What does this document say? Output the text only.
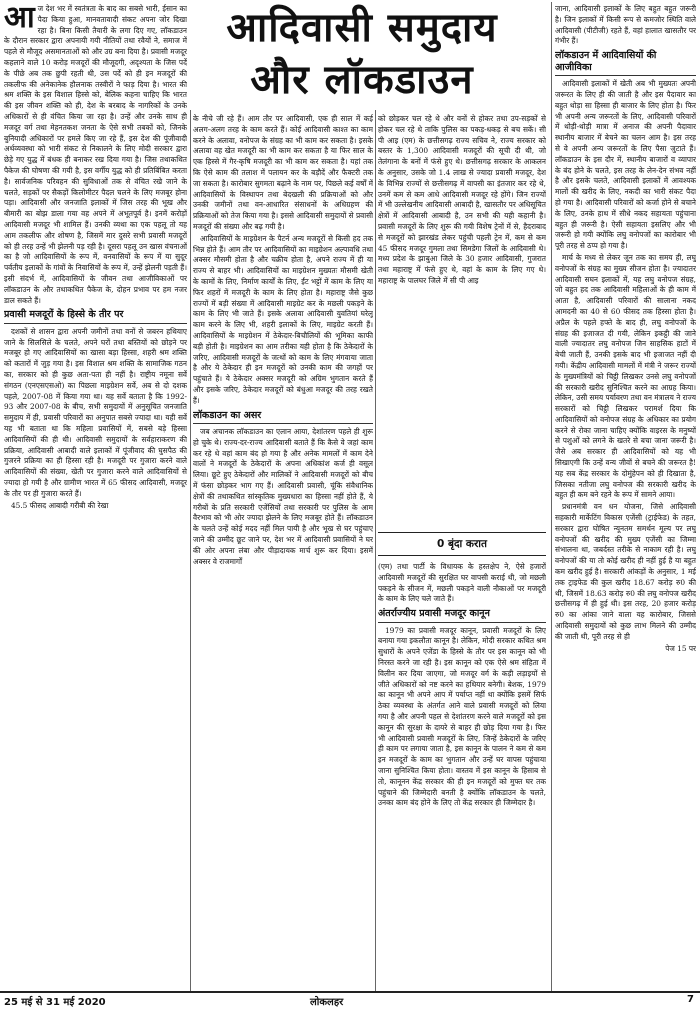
आदिवासी समुदाय
और लॉकडाउन

आज देश भर में स्वतंत्रता के बाद का सबसे भारी, ईसान का पैदा किया हुआ, मानवतावादी संकट अपना जोर दिखा रहा है। बिना किसी तैयारी के लगा दिए गए, लॉकडाउन के दौरान सरकार द्वारा अपनायी गयी नीतियों तथा रवैयों ने, समाज में पहले से मौजूद असमानताओं को और उग्र बना दिया है। प्रवासी मजदूर कहलाने वाले 10 करोड़ मजदूरों की मौजूदगी, अदृश्यता के जिस पर्दे के पीछे अब तक छुपी रहती थी, उस पर्दे को ही इन मजदूरों की तकलीफ की अनेकानेक हौलनाक तस्वीरों ने फाड़ दिया है। भारत की श्रम शक्ति के इस विशाल हिस्से को, बेलिक कहना चाहिए कि भारत की इस जीवन शक्ति को ही, देश के बरबाद के नागरिकों के उनके अधिकारों से ही वंचित किया जा रहा है। उन्हें और उनके साथ ही मजदूर वर्ग तथा मेहनतकश जनता के ऐसे सभी तबकों को, जिनके बुनियादी अधिकारों पर हमले किए जा रहे हैं, इस देश की पूंजीवादी अर्थव्यवस्था को भारी संकट से निकालने के लिए मोदी सरकार द्वारा छेड़े गए युद्ध में बंधक ही बनाकर रख दिया गया है। जिस तथाकथित पैकेज की घोषणा की गयी है, इस वर्गीय युद्ध को ही प्रतिबिंबित करता है। सार्वजनिक परिवहन की सुविधाओं तक से वंचित रखे जाने के चलते, सड़कों पर सैकड़ों किलोमीटर पैदल चलने के लिए मजबूर होना पड़ा। आदिवासी और जनजाति इलाकों में जिस तरह की भूख और बीमारी का बोझ डाला गया वह अपने में अभूतपूर्व है। इनमें करोड़ों आदिवासी मजदूर भी शामिल हैं। उनकी व्यथा का एक पहलू तो यह आम तकलीफ और शोषण है, जिसमें मार दुसरे सभी प्रवासी मजदूरों को ही तरह उन्हें भी झेलनी पड़ रही है। दूसरा पहलू उन खास वंचनाओं का है जो आदिवासियों के रूप में, वनवासियों के रूप में या सुदूर पर्वतीय इलाकों के गांवों के निवासियों के रूप में, उन्हें झेलनी पड़ती हैं। इसी संदर्भ में, आदिवासियों के जीवन तथा आजीविकाओं पर लॉकडाउन के और तथाकथित पैकेज के, दोहन प्रभाव पर हम नजर डाल सकते हैं।

प्रवासी मजदूरों के हिस्से के तीर पर

दशकों से शासन द्वारा अपनी जमीनों तथा वनों से जबरन हथियाए जाने के सिलसिले के चलते, अपने घरों तथा बस्तियों को छोड़ने पर मजबूर हो गए आदिवासियों का खासा बड़ा हिस्सा, शहरी श्रम शक्ति को कतारों में जुड़ गया है। इस विशाल श्रम शक्ति के सामाजिक गठन का, सरकार को ही कुछ अता-पता ही नहीं है। राष्ट्रीय नमूना सर्वे संगठन (एनएसएसओ) का पिछला माइग्रेशन सर्वे, अब से दो दशक पहले, 2007-08 में किया गया था। यह सर्वे बताता है कि 1992-93 और 2007-08 के बीच, सभी समुदायों में अनुसूचित जनजाति समुदाय में ही, प्रवासी परिवारों का अनुपात सबसे ज्यादा था। यही सर्वे यह भी बताता था कि महिला प्रवासियों में, सबसे बड़े हिस्सा आदिवासियों की ही थी। आदिवासी समुदायों के सर्वहाराकरण की प्रक्रिया, आदिवासी आबादी वाले इलाकों में पूंजीवाद की घुसपैठ की गुजरने प्रक्रिया का ही हिस्सा रही है। मजदूरी पर गुजारा करने वाले आदिवासियों की संख्या, खेती पर गुजारा करने वाले आदिवासियों से ज्यादा हो गयी है और ग्रामीण भारत में 65 फीसद आदिवासी, मजदूर के तौर पर ही गुजारा करते हैं।

45.5 फीसद आबादी गरीबी की रेखा

के नीचे जी रहे हैं। आम तौर पर आदिवासी, एक ही साल में कई अलग-अलग तरह के काम करते हैं। कोई आदिवासी काश्त का काम करने के अलावा, वनोपज के संग्रह का भी काम कर सकता है। इसके अलावा वह खेत मजदूरी का भी काम कर सकता है या फिर साल के एक हिस्से में गैर-कृषि मजदूरी का भी काम कर सकता है। यहां तक कि ऐसे काम की तलाश में पलायन कर के बड़ौदें और फैक्टरी तक जा सकता है। कारोबार सुगमता बढ़ाने के नाम पर, पिछले कई वर्षों में आदिवासियों के विस्थापन तथा बेदखली की प्रक्रियाओं को और उनकी जमीनों तथा वन-आधारित संसाधनों के अधिग्रहण की प्रक्रियाओं को तेज किया गया है। इससे आदिवासी समुदायों से प्रवासी मजदूरों की संख्या और बढ़ गयी है।

आदिवासियों के माइग्रेशन के पैटर्न अन्य मजदूरों से किसी हद तक भिन्न होते हैं। आम तौर पर आदिवासियों का माइग्रेशन अल्पावधि तथा अक्सर मौसमी होता है और चक्रीय होता है, अपने राज्य में ही या राज्य से बाहर भी। आदिवासियों का माइग्रेशन मुख्यतः मौसमी खेती के कामों के लिए, निर्माण कार्यों के लिए, ईंट भट्टों में काम के लिए या फिर शहरों में मजदूरी के काम के लिए होता है। महाराष्ट्र जैसे कुछ राज्यों में बड़ी संख्या में आदिवासी माइग्रेट कर के मछली पकड़ने के काम के लिए भी जाते हैं। इसके अलावा आदिवासी युवतियां घरेलू काम करने के लिए भी, शहरी इलाकों के लिए, माइग्रेट करती हैं। आदिवासियों के माइग्रेशन में ठेकेदार-बिचौलियों की भूमिका काफी बड़ी होती है। माइग्रेशन का आम तरीका यही होता है कि ठेकेदारों के जरिए, आदिवासी मजदूरों के जत्थों को काम के लिए मंगवाया जाता है और ये ठेकेदार ही इन मजदूरों को उनकी काम की जगहों पर पहुंचाते हैं। ये ठेकेदार अक्सर मजदूरी को अग्रिम भुगतान करते हैं और इसके जरिए, ठेकेदार मजदूरों को बंधुआ मजदूर की तरह रखते हैं।

लॉकडाउन का असर

जब अचानक लॉकडाउन का एलान आया, देशांतरण पहले ही शुरू हो चुके थे। राज्य-दर-राज्य आदिवासी बताते हैं कि कैसे वे जहां काम कर रहे थे वहां काम बंद हो गया है और अनेक मामलों में काम देने वालों ने मजदूरों के ठेकेदारों के अपना अधिकांश कर्ज ही वसूल लिया। छूटे हुए ठेकेदारों और मालिकों ने आदिवासी मजदूरों को बीच में फंसा छोड़कर भाग गए हैं। आदिवासी प्रवासी, चूंकि संवैधानिक क्षेत्रों की तथाकथित सांस्कृतिक मुख्यधारा का हिस्सा नहीं होते हैं, ये गरीबों के प्रति सरकारी एजेंसियों तथा सरकारी पर पुलिस के आम वैरभाव को भी ओर ज्यादा झेलने के लिए मजबूर होते हैं। लॉकडाउन के चलते उन्हें कोई मदद नहीं मिल पायी है और भूख से घर पहुंचाए जाने की उम्मीद छूट जाने पर, देश भर में आदिवासी प्रवासियों ने घर की ओर अपना लंबा और पीड़ादायक मार्च शुरू कर दिया। इसमें अक्सर वे राजमार्गों

को छोड़कर चल रहे थे और वनों से होकर तथा उप-सड़कों से होकर चल रहे थे ताकि पुलिस का पकड़-धकड़ से बच सकें। सी पी आइ (एम) के छत्तीसगढ़ राज्य सचिव ने, राज्य सरकार को बस्तर के 1,300 आदिवासी मजदूरों की सूची दी थी, जो तेलंगाना के बनों में फंसे हुए थे। छत्तीसगढ़ सरकार के आकलन के अनुसार, उसके जो 1.4 लाख से ज्यादा प्रवासी मजदूर, देश के विभिन्न राज्यों से छत्तीसगढ़ में वापसी का इंतजार कर रहे थे, उनमें कम से कम आधे आदिवासी मजदूर रहे होंगे। जिन राज्यों में भी उल्लेखनीय आदिवासी आबादी है, खासतौर पर अधिसूचित क्षेत्रों में आदिवासी आबादी है, उन सभी की यही कहानी है। प्रवासी मजदूरों के लिए शुरू की गयी विशेष ट्रेनों में से, हैदराबाद से मजदूरों को झारखंड लेकर पहुंची पहली ट्रेन में, कम से कम 45 फीसद मजदूर गुमला तथा सिमडेगा जिलों के आदिवासी थे। मध्य प्रदेश के झाबुआ जिले के 30 हजार आदिवासी, गुजरात तथा महाराष्ट्र में फंसे हुए थे, वहां के काम के लिए गए थे। महाराष्ट्र के पालघर जिले में सी पी आइ

0 बृंदा करात

(एम) तथा पार्टी के विधायक के हस्तक्षेप ने, ऐसे हजारों आदिवासी मजदूरों की सुरक्षित घर वापसी कराई थी, जो मछली पकड़ने के सीजन में, मछली पकड़ने वाली नौकाओं पर मजदूरी के काम के लिए चले जाते हैं।

अंतर्राज्यीय प्रवासी मजदूर कानून

1979 का प्रवासी मजदूर कानून, प्रवासी मजदूरों के लिए बनाया गया इकलौता कानून है। लेकिन, मोदी सरकार कथित श्रम सुधारों के अपने एजेंडा के हिस्से के तौर पर इस कानून को भी निरस्त करने जा रही है। इस कानून को एक ऐसे श्रम संहिता में विलीन कर दिया जाएगा, जो मजदूर वर्ग के कड़ी लड़ाइयों से जीते अधिकारों को नष्ट करने का हथियार बनेगी। बेशक, 1979 का कानून भी अपने आप में पर्याप्त नहीं था क्योंकि इसमें सिर्फ ठेका व्यवस्था के अंतर्गत आने वाले प्रवासी मजदूरों को लिया गया है और अपनी पहल से देशांतरण करने वाले मजदूरों को इस कानून की सुरक्षा के दायरे से बाहर ही छोड़ दिया गया है। फिर भी आदिवासी प्रवासी मजदूरों के लिए, जिन्हें ठेकेदारों के जरिए ही काम पर लगाया जाता है, इस कानून के पालन ने कम से कम इन मजदूरों के काम का भुगतान और उन्हें घर वापस पहुंचाया जाना सुनिश्चित किया होता। वास्तव में इस कानून के हिसाब से तो, कानूनन केंद्र सरकार की ही इन मजदूरों को मुफ्त घर तक पहुंचाने की जिम्मेदारी बनती है क्योंकि लॉकडाउन के चलते, उनका काम बंद होने के लिए तो केंद्र सरकार ही जिम्मेदार है।

जाना, आदिवासी इलाकों के लिए बहुत बहुत जरूरी है। जिन इलाकों में किसी रूप से कमजोर स्थिति वाले आदिवासी (पीटीजी) रहते हैं, वहां हालात खासतौर पर गंभीर हैं।

लॉकडाउन में आदिवासियों की आजीविका

आदिवासी इलाकों में खेती अब भी मुख्यतः अपनी जरूरत के लिए ही की जाती है और इस पैदावार का बहुत थोड़ा सा हिस्सा ही बाजार के लिए होता है। फिर भी अपनी अन्य जरूरतों के लिए, आदिवासी परिवारों में थोड़ी-थोड़ी मात्रा में अनाज की अपनी पैदावार स्थानीय बाजार में बेचने का चलन आम है। इस तरह से वे अपनी अन्य जरूरतों के लिए पैसा जुटाते हैं। लॉकडाउन के इस दौर में, स्थानीय बाजारों व व्यापार के बंद होने के चलते, इस तरह के लेन-देन संभव नहीं है और इसके चलते, आदिवासी इलाकों में आवश्यक मालों की खरीद के लिए, नकदी का भारी संकट पैदा हो गया है। आदिवासी परिवारों को कर्जा होने से बचाने के लिए, उनके हाथ में सीधे नकद सहायता पहुंचाना बहुत ही जरूरी है। ऐसी सहायता इसलिए और भी जरूरी हो गयी क्योंकि लघु वनोपजों का कारोबार भी पूरी तरह से ठप्प हो गया है।

मार्च के मध्य से लेकर जून तक का समय ही, लघु वनोपजों के संग्रह का मुख्य सीजन होता है। ज्यादातर आदिवासी सघन इलाकों में, यह लघु वनोपज संग्रह, जो बहुत हद तक आदिवासी महिलाओं के ही काम में आता है, आदिवासी परिवारों की सालाना नकद आमदनी का 40 से 60 फीसद तक हिस्सा होता है। अप्रैल के पहले हफ्ते के बाद ही, लघु वनोपजों के संग्रह की इजाजत दी गयी, लेकिन इकट्ठी की जाने वाली ज्यादातर लघु वनोपज जिन साहसिक हाटों में बेची जाती हैं, उनकी इसके बाद भी इजाजत नहीं दी गयी। केंद्रीय आदिवासी मामलों में मंत्री ने जरूर राज्यों के मुख्यमंत्रियों को चिट्ठी लिखकर उनसे लघु वनोपजों की सरकारी खरीद सुनिश्चित करने का आग्रह किया। लेकिन, उसी समय पर्यावरण तथा वन मंत्रालय ने राज्य सरकारों को चिट्ठी लिखकर परामर्श दिया कि आदिवासियों को वनोपज संग्रह के अधिकार का प्रयोग करने से रोका जाना चाहिए क्योंकि वाइरस के मनुष्यों से पशुओं को लगने के खतरे से बचा जाना जरूरी है। जैसे अब सरकार ही आदिवासियों को यह भी सिखाएगी कि उन्हें वन्य जीवों से बचने की जरूरत है! यह सब केंद्र सरकार के दोमुंहेपन को ही दिखाता है, जिसका नतीजा लघु वनोपज की सरकारी खरीद के बहुत ही कम बने रहने के रूप में सामने आया।

प्रधानमंत्री वन धन योजना, जिसे आदिवासी सहकारी मार्केटिंग विकास एजेंसी (ट्राईफेड) के तहत, सरकार द्वारा घोषित न्यूनतम समर्थन मूल्य पर लघु वनोपजों की खरीद की मुख्य एजेंसी का जिम्मा संभालना था, जबर्दस्त तरीके से नाकाम रही है। लघु वनोपजों की या तो कोई खरीद ही नहीं हुई है या बहुत कम खरीद हुई है। सरकारी आंकड़ों के अनुसार, 1 मई तक ट्राइफेड की कुल खरीद 18.67 करोड़ रु0 की थी, जिसमें 18.63 करोड़ रु0 की लघु वनोपज खरीद छत्तीसगढ़ में ही हुई थी। इस तरह, 20 हजार करोड़ रु0 का आंका जाने वाला यह कारोबार, जिससे आदिवासी समुदायों को कुछ लाभ मिलने की उम्मीद की जाती थी, पूरी तरह से ही

पेज 15 पर

25 मई से 31 मई 2020	लोकलहर	7
